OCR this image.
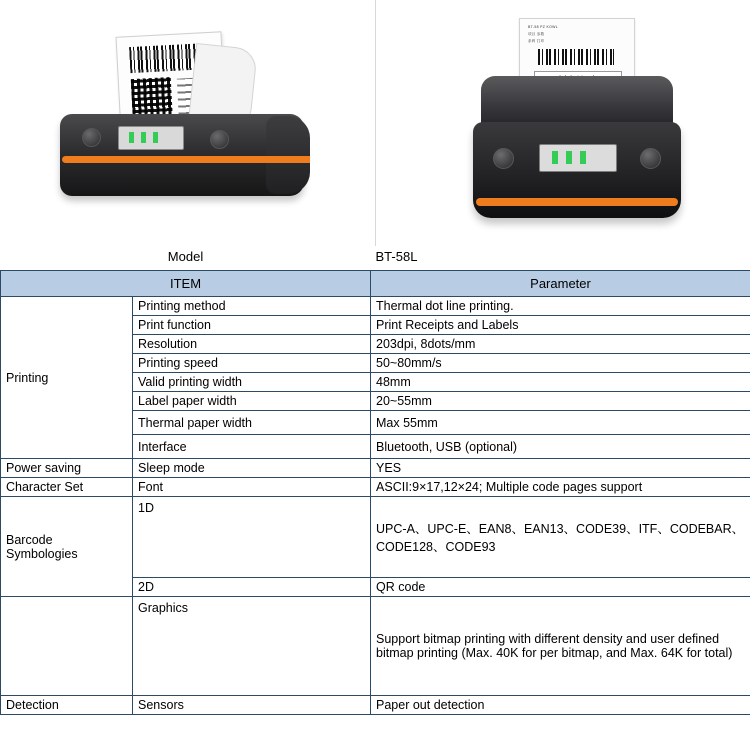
BT-58 PZ KOWL
项目 参数
条码 打印
Model		BT-58L
ITEM		Parameter
Printing	Printing method	Thermal dot line printing.
	Print function	Print Receipts and Labels
	Resolution	203dpi, 8dots/mm
	Printing speed	50~80mm/s
	Valid printing width	48mm
	Label paper width	20~55mm
	Thermal paper width	Max 55mm
	Interface	Bluetooth, USB (optional)
Power saving	Sleep mode	YES
Character Set	Font	ASCII:9×17,12×24; Multiple code pages support
Barcode Symbologies	1D	UPC-A、UPC-E、EAN8、EAN13、CODE39、ITF、CODEBAR、CODE128、CODE93
	2D	QR code
	Graphics	Support bitmap printing with different density and user defined bitmap printing (Max. 40K for per bitmap, and Max. 64K for total)
Detection	Sensors	Paper out detection
